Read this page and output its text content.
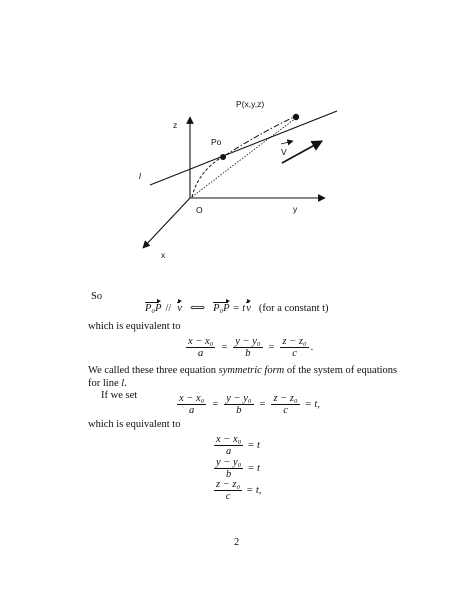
P(x,y,z)
z
Po
V
l
O	y
x
So
P₀P // v ⟺ P₀P = t v (for a constant t)
which is equivalent to
$\frac{\text{x − x₀}}{a} = \frac{\text{y − y₀}}{b} = \frac{\text{z − z₀}}{c}$ .
We called these three equation symmetric form of the system of equations
for line l.
If we set	$\frac{\text{x − x₀}}{a} = \frac{\text{y − y₀}}{b} = \frac{\text{z − z₀}}{c} = t$,
which is equivalent to
$\frac{\text{x − x₀}}{a} = t$
$\frac{\text{y − y₀}}{b} = t$
$\frac{\text{z − z₀}}{c} = t$,
2
